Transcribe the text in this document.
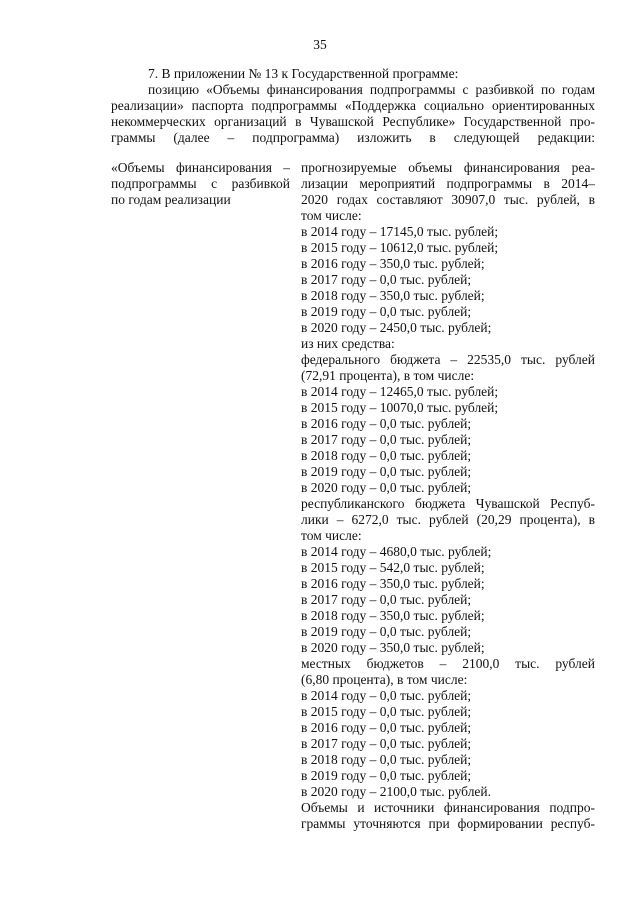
35
7. В приложении № 13 к Государственной программе:
позицию «Объемы финансирования подпрограммы с разбивкой по годам
реализации» паспорта подпрограммы «Поддержка социально ориентированных
некоммерческих организаций в Чувашской Республике» Государственной про-
граммы (далее – подпрограмма) изложить в следующей редакции:
«Объемы финансирования –
подпрограммы с разбивкой
по годам реализации
прогнозируемые объемы финансирования реа-
лизации мероприятий подпрограммы в 2014–
2020 годах составляют 30907,0 тыс. рублей, в
том числе:
в 2014 году – 17145,0 тыс. рублей;
в 2015 году – 10612,0 тыс. рублей;
в 2016 году – 350,0 тыс. рублей;
в 2017 году – 0,0 тыс. рублей;
в 2018 году – 350,0 тыс. рублей;
в 2019 году – 0,0 тыс. рублей;
в 2020 году – 2450,0 тыс. рублей;
из них средства:
федерального бюджета – 22535,0 тыс. рублей
(72,91 процента), в том числе:
в 2014 году – 12465,0 тыс. рублей;
в 2015 году – 10070,0 тыс. рублей;
в 2016 году – 0,0 тыс. рублей;
в 2017 году – 0,0 тыс. рублей;
в 2018 году – 0,0 тыс. рублей;
в 2019 году – 0,0 тыс. рублей;
в 2020 году – 0,0 тыс. рублей;
республиканского бюджета Чувашской Респуб-
лики – 6272,0 тыс. рублей (20,29 процента), в
том числе:
в 2014 году – 4680,0 тыс. рублей;
в 2015 году – 542,0 тыс. рублей;
в 2016 году – 350,0 тыс. рублей;
в 2017 году – 0,0 тыс. рублей;
в 2018 году – 350,0 тыс. рублей;
в 2019 году – 0,0 тыс. рублей;
в 2020 году – 350,0 тыс. рублей;
местных бюджетов – 2100,0 тыс. рублей
(6,80 процента), в том числе:
в 2014 году – 0,0 тыс. рублей;
в 2015 году – 0,0 тыс. рублей;
в 2016 году – 0,0 тыс. рублей;
в 2017 году – 0,0 тыс. рублей;
в 2018 году – 0,0 тыс. рублей;
в 2019 году – 0,0 тыс. рублей;
в 2020 году – 2100,0 тыс. рублей.
Объемы и источники финансирования подпро-
граммы уточняются при формировании респуб-
